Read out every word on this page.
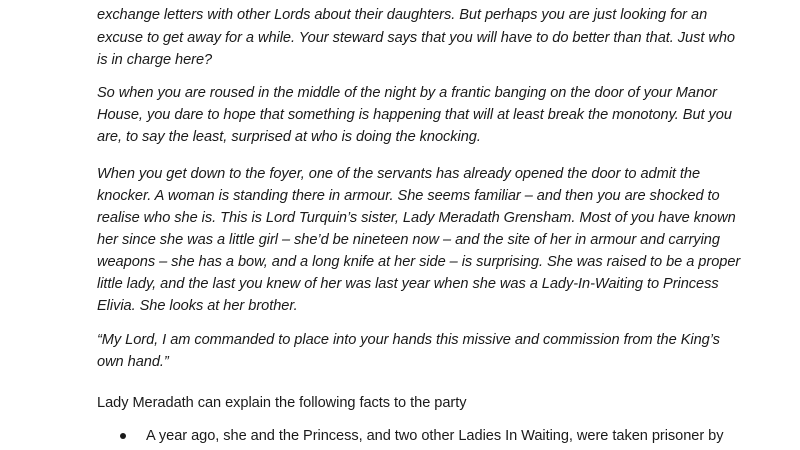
exchange letters with other Lords about their daughters. But perhaps you are just looking for an
excuse to get away for a while. Your steward says that you will have to do better than that. Just who
is in charge here?
So when you are roused in the middle of the night by a frantic banging on the door of your Manor
House, you dare to hope that something is happening that will at least break the monotony. But you
are, to say the least, surprised at who is doing the knocking.
When you get down to the foyer, one of the servants has already opened the door to admit the
knocker. A woman is standing there in armour. She seems familiar – and then you are shocked to
realise who she is. This is Lord Turquin’s sister, Lady Meradath Grensham. Most of you have known
her since she was a little girl – she’d be nineteen now – and the site of her in armour and carrying
weapons – she has a bow, and a long knife at her side – is surprising. She was raised to be a proper
little lady, and the last you knew of her was last year when she was a Lady-In-Waiting to Princess
Elivia. She looks at her brother.
“My Lord, I am commanded to place into your hands this missive and commission from the King’s
own hand.”
Lady Meradath can explain the following facts to the party
A year ago, she and the Princess, and two other Ladies In Waiting, were taken prisoner by
